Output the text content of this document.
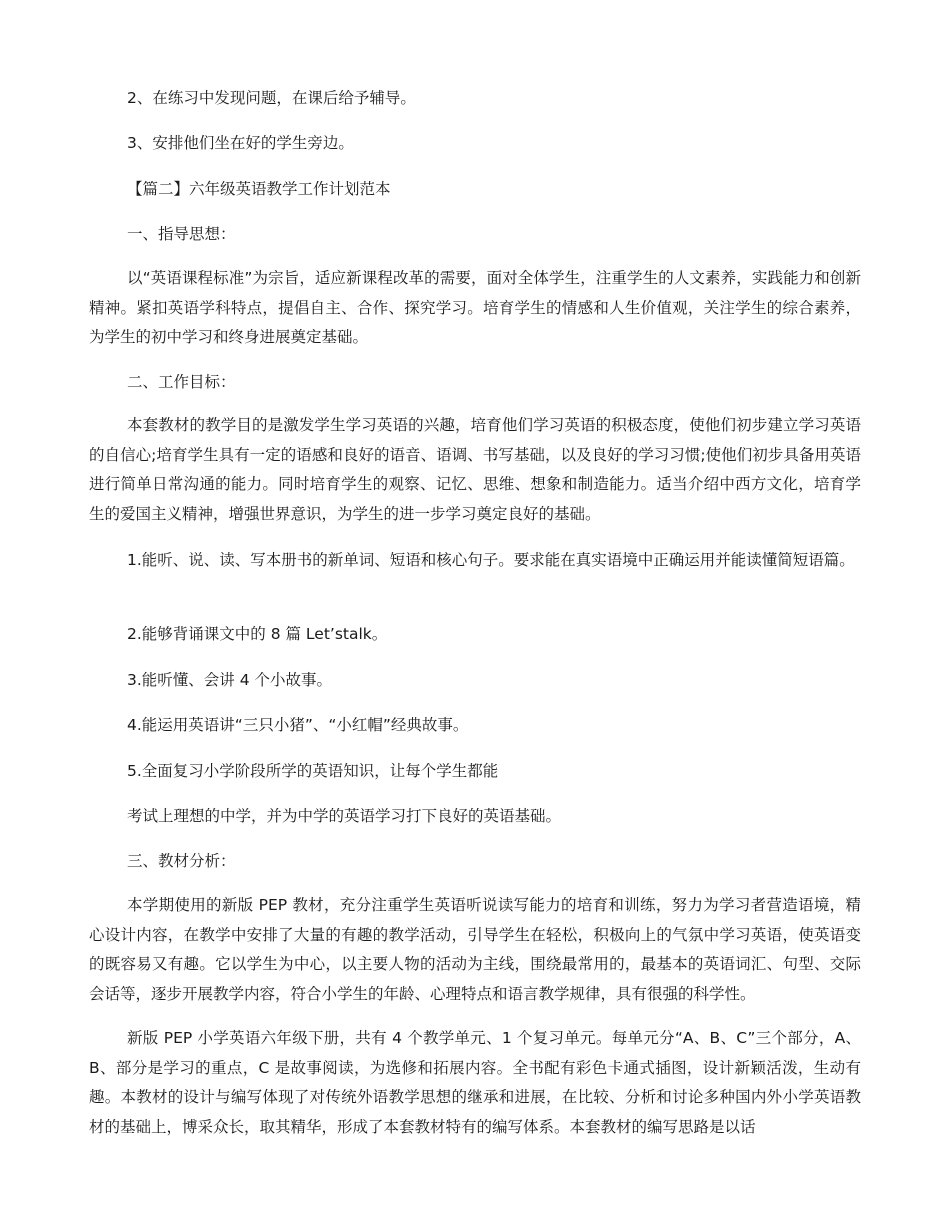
2、在练习中发现问题，在课后给予辅导。

3、安排他们坐在好的学生旁边。

【篇二】六年级英语教学工作计划范本

一、指导思想：

以“英语课程标准”为宗旨，适应新课程改革的需要，面对全体学生，注重学生的人文素养，实践能力和创新精神。紧扣英语学科特点，提倡自主、合作、探究学习。培育学生的情感和人生价值观，关注学生的综合素养，为学生的初中学习和终身进展奠定基础。

二、工作目标：

本套教材的教学目的是激发学生学习英语的兴趣，培育他们学习英语的积极态度，使他们初步建立学习英语的自信心;培育学生具有一定的语感和良好的语音、语调、书写基础，以及良好的学习习惯;使他们初步具备用英语进行简单日常沟通的能力。同时培育学生的观察、记忆、思维、想象和制造能力。适当介绍中西方文化，培育学生的爱国主义精神，增强世界意识，为学生的进一步学习奠定良好的基础。

1.能听、说、读、写本册书的新单词、短语和核心句子。要求能在真实语境中正确运用并能读懂简短语篇。

2.能够背诵课文中的 8 篇 Let’stalk。

3.能听懂、会讲 4 个小故事。

4.能运用英语讲“三只小猪”、“小红帽”经典故事。

5.全面复习小学阶段所学的英语知识，让每个学生都能

考试上理想的中学，并为中学的英语学习打下良好的英语基础。

三、教材分析：

本学期使用的新版 PEP 教材，充分注重学生英语听说读写能力的培育和训练，努力为学习者营造语境，精心设计内容，在教学中安排了大量的有趣的教学活动，引导学生在轻松，积极向上的气氛中学习英语，使英语变的既容易又有趣。它以学生为中心，以主要人物的活动为主线，围绕最常用的，最基本的英语词汇、句型、交际会话等，逐步开展教学内容，符合小学生的年龄、心理特点和语言教学规律，具有很强的科学性。

新版 PEP 小学英语六年级下册，共有 4 个教学单元、1 个复习单元。每单元分“A、B、C”三个部分，A、B、部分是学习的重点，C 是故事阅读，为选修和拓展内容。全书配有彩色卡通式插图，设计新颖活泼，生动有趣。本教材的设计与编写体现了对传统外语教学思想的继承和进展，在比较、分析和讨论多种国内外小学英语教材的基础上，博采众长，取其精华，形成了本套教材特有的编写体系。本套教材的编写思路是以话
